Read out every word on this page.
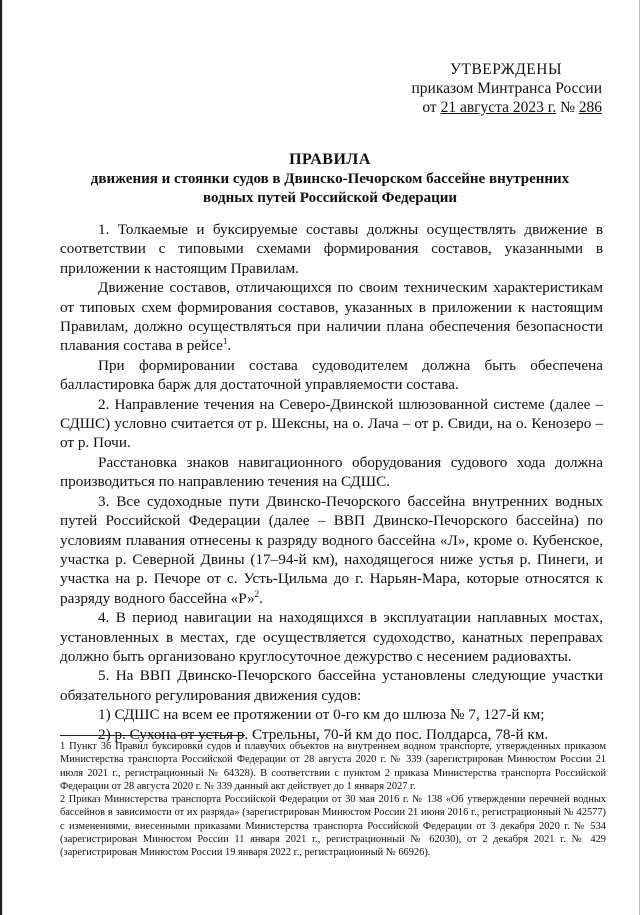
УТВЕРЖДЕНЫ
приказом Минтранса России
от 21 августа 2023 г. № 286
ПРАВИЛА
движения и стоянки судов в Двинско-Печорском бассейне внутренних
водных путей Российской Федерации

1. Толкаемые и буксируемые составы должны осуществлять движение в соответствии с типовыми схемами формирования составов, указанными в приложении к настоящим Правилам.

Движение составов, отличающихся по своим техническим характеристикам от типовых схем формирования составов, указанных в приложении к настоящим Правилам, должно осуществляться при наличии плана обеспечения безопасности плавания состава в рейсе$^1$.

При формировании состава судоводителем должна быть обеспечена балластировка барж для достаточной управляемости состава.

2. Направление течения на Северо-Двинской шлюзованной системе (далее – СДШС) условно считается от р. Шексны, на о. Лача – от р. Свиди, на о. Кенозеро – от р. Почи.

Расстановка знаков навигационного оборудования судового хода должна производиться по направлению течения на СДШС.

3. Все судоходные пути Двинско-Печорского бассейна внутренних водных путей Российской Федерации (далее – ВВП Двинско-Печорского бассейна) по условиям плавания отнесены к разряду водного бассейна «Л», кроме о. Кубенское, участка р. Северной Двины (17–94-й км), находящегося ниже устья р. Пинеги, и участка на р. Печоре от с. Усть-Цильма до г. Нарьян-Мара, которые относятся к разряду водного бассейна «Р»$^2$.

4. В период навигации на находящихся в эксплуатации наплавных мостах, установленных в местах, где осуществляется судоходство, канатных переправах должно быть организовано круглосуточное дежурство с несением радиовахты.

5. На ВВП Двинско-Печорского бассейна установлены следующие участки обязательного регулирования движения судов:

1) СДШС на всем ее протяжении от 0-го км до шлюза № 7, 127-й км;

2) р. Сухона от устья р. Стрельны, 70-й км до пос. Полдарса, 78-й км.

1 Пункт 36 Правил буксировки судов и плавучих объектов на внутреннем водном транспорте, утвержденных приказом Министерства транспорта Российской Федерации от 28 августа 2020 г. № 339 (зарегистрирован Минюстом России 21 июля 2021 г., регистрационный № 64328). В соответствии с пунктом 2 приказа Министерства транспорта Российской Федерации от 28 августа 2020 г. № 339 данный акт действует до 1 января 2027 г.

2 Приказ Министерства транспорта Российской Федерации от 30 мая 2016 г. № 138 «Об утверждении перечней водных бассейнов в зависимости от их разряда» (зарегистрирован Минюстом России 21 июня 2016 г., регистрационный № 42577) с изменениями, внесенными приказами Министерства транспорта Российской Федерации от 3 декабря 2020 г. № 534 (зарегистрирован Минюстом России 11 января 2021 г., регистрационный № 62030), от 2 декабря 2021 г. № 429 (зарегистрирован Минюстом России 19 января 2022 г., регистрационный № 66926).
